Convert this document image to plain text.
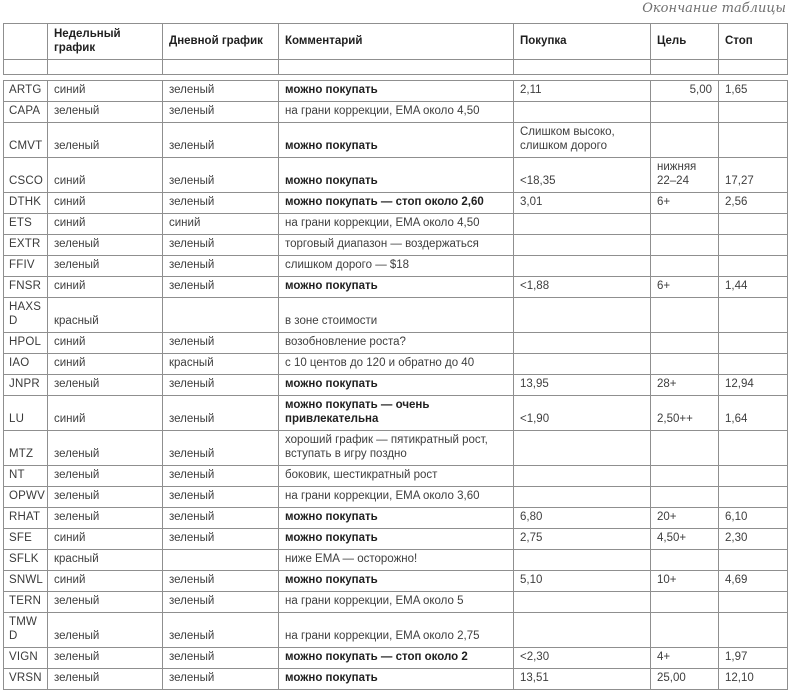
Окончание таблицы
	Недельный график	Дневной график	Комментарий	Покупка	Цель	Стоп

ARTG	синий	зеленый	можно покупать	2,11	5,00	1,65
CAPA	зеленый	зеленый	на грани коррекции, EMA около 4,50			
CMVT	зеленый	зеленый	можно покупать	Слишком высоко, слишком дорого		
CSCO	синий	зеленый	можно покупать	<18,35	нижняя 22–24	17,27
DTHK	синий	зеленый	можно покупать — стоп около 2,60	3,01	6+	2,56
ETS	синий	синий	на грани коррекции, EMA около 4,50			
EXTR	зеленый	зеленый	торговый диапазон — воздержаться			
FFIV	зеленый	зеленый	слишком дорого — $18			
FNSR	синий	зеленый	можно покупать	<1,88	6+	1,44
HAXSD	красный		в зоне стоимости			
HPOL	синий	зеленый	возобновление роста?			
IAO	синий	красный	с 10 центов до 120 и обратно до 40			
JNPR	зеленый	зеленый	можно покупать	13,95	28+	12,94
LU	синий	зеленый	можно покупать — очень привлекательна	<1,90	2,50++	1,64
MTZ	зеленый	зеленый	хороший график — пятикратный рост, вступать в игру поздно			
NT	зеленый	зеленый	боковик, шестикратный рост			
OPWV	зеленый	зеленый	на грани коррекции, EMA около 3,60			
RHAT	зеленый	зеленый	можно покупать	6,80	20+	6,10
SFE	синий	зеленый	можно покупать	2,75	4,50+	2,30
SFLK	красный		ниже EMA — осторожно!			
SNWL	синий	зеленый	можно покупать	5,10	10+	4,69
TERN	зеленый	зеленый	на грани коррекции, EMA около 5			
TMWD	зеленый	зеленый	на грани коррекции, EMA около 2,75			
VIGN	зеленый	зеленый	можно покупать — стоп около 2	<2,30	4+	1,97
VRSN	зеленый	зеленый	можно покупать	13,51	25,00	12,10
